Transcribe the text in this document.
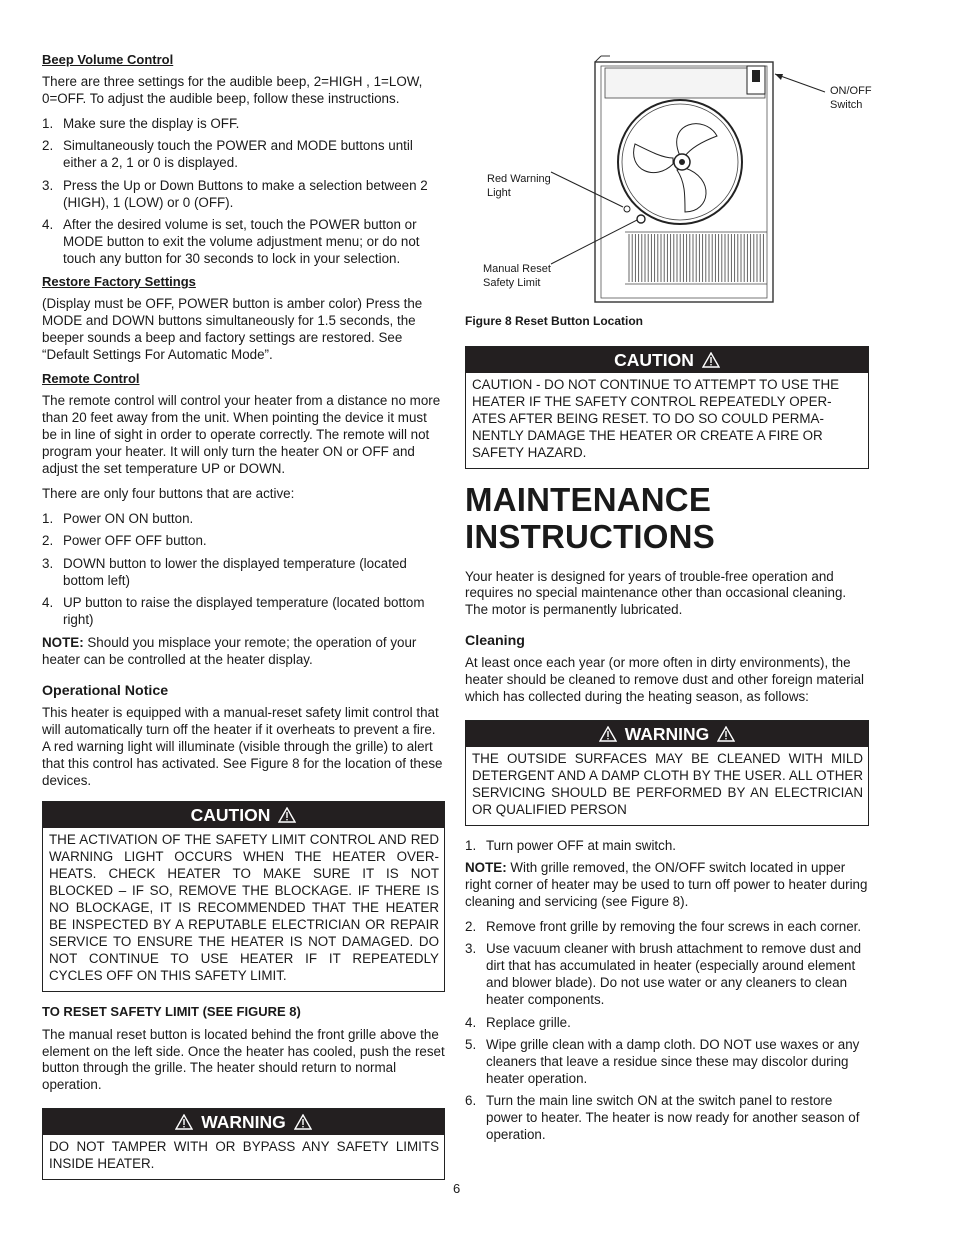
Beep Volume Control

There are three settings for the audible beep, 2=HIGH , 1=LOW, 0=OFF. To adjust the audible beep, follow these instructions.

1. Make sure the display is OFF.
2. Simultaneously touch the POWER and MODE buttons until either a 2, 1 or 0 is displayed.
3. Press the Up or Down Buttons to make a selection between 2 (HIGH), 1 (LOW) or 0 (OFF).
4. After the desired volume is set, touch the POWER button or MODE button to exit the volume adjustment menu; or do not touch any button for 30 seconds to lock in your selection.
Restore Factory Settings

(Display must be OFF, POWER button is amber color) Press the MODE and DOWN buttons simultaneously for 1.5 seconds, the beeper sounds a beep and factory settings are restored. See “Default Settings For Automatic Mode”.

Remote Control

The remote control will control your heater from a distance no more than 20 feet away from the unit. When pointing the device it must be in line of sight in order to operate correctly. The remote will not program your heater. It will only turn the heater ON or OFF and adjust the set temperature UP or DOWN.

There are only four buttons that are active:

1. Power ON ON button.
2. Power OFF OFF button.
3. DOWN button to lower the displayed temperature (located bottom left)
4. UP button to raise the displayed temperature (located bottom right)

NOTE: Should you misplace your remote; the operation of your heater can be controlled at the heater display.

Operational Notice

This heater is equipped with a manual-reset safety limit control that will automatically turn off the heater if it overheats to prevent a fire. A red warning light will illuminate (visible through the grille) to alert that this control has activated. See Figure 8 for the location of these devices.

CAUTION
THE ACTIVATION OF THE SAFETY LIMIT CONTROL AND RED WARNING LIGHT OCCURS WHEN THE HEATER OVER-HEATS. CHECK HEATER TO MAKE SURE IT IS NOT BLOCKED – IF SO, REMOVE THE BLOCKAGE. IF THERE IS NO BLOCKAGE, IT IS RECOMMENDED THAT THE HEATER BE INSPECTED BY A REPUTABLE ELECTRICIAN OR REPAIR SERVICE TO ENSURE THE HEATER IS NOT DAMAGED. DO NOT CONTINUE TO USE HEATER IF IT REPEATEDLY CYCLES OFF ON THIS SAFETY LIMIT.
TO RESET SAFETY LIMIT (SEE FIGURE 8)

The manual reset button is located behind the front grille above the element on the left side. Once the heater has cooled, push the reset button through the grille. The heater should return to normal operation.

WARNING
DO NOT TAMPER WITH OR BYPASS ANY SAFETY LIMITS INSIDE HEATER.
ON/OFF
Switch
Red Warning
Light
Manual Reset
Safety Limit
Figure 8 Reset Button Location
CAUTION
CAUTION - DO NOT CONTINUE TO ATTEMPT TO USE THE HEATER IF THE SAFETY CONTROL REPEATEDLY OPER-ATES AFTER BEING RESET. TO DO SO COULD PERMA-NENTLY DAMAGE THE HEATER OR CREATE A FIRE OR SAFETY HAZARD.
MAINTENANCE
INSTRUCTIONS

Your heater is designed for years of trouble-free operation and requires no special maintenance other than occasional cleaning. The motor is permanently lubricated.

Cleaning

At least once each year (or more often in dirty environments), the heater should be cleaned to remove dust and other foreign material which has collected during the heating season, as follows:

WARNING
THE OUTSIDE SURFACES MAY BE CLEANED WITH MILD DETERGENT AND A DAMP CLOTH BY THE USER. ALL OTHER SERVICING SHOULD BE PERFORMED BY AN ELECTRICIAN OR QUALIFIED PERSON
1. Turn power OFF at main switch.

NOTE: With grille removed, the ON/OFF switch located in upper right corner of heater may be used to turn off power to heater during cleaning and servicing (see Figure 8).

2. Remove front grille by removing the four screws in each corner.
3. Use vacuum cleaner with brush attachment to remove dust and dirt that has accumulated in heater (especially around element and blower blade). Do not use water or any cleaners to clean heater components.
4. Replace grille.
5. Wipe grille clean with a damp cloth. DO NOT use waxes or any cleaners that leave a residue since these may discolor during heater operation.
6. Turn the main line switch ON at the switch panel to restore power to heater. The heater is now ready for another season of operation.
6
